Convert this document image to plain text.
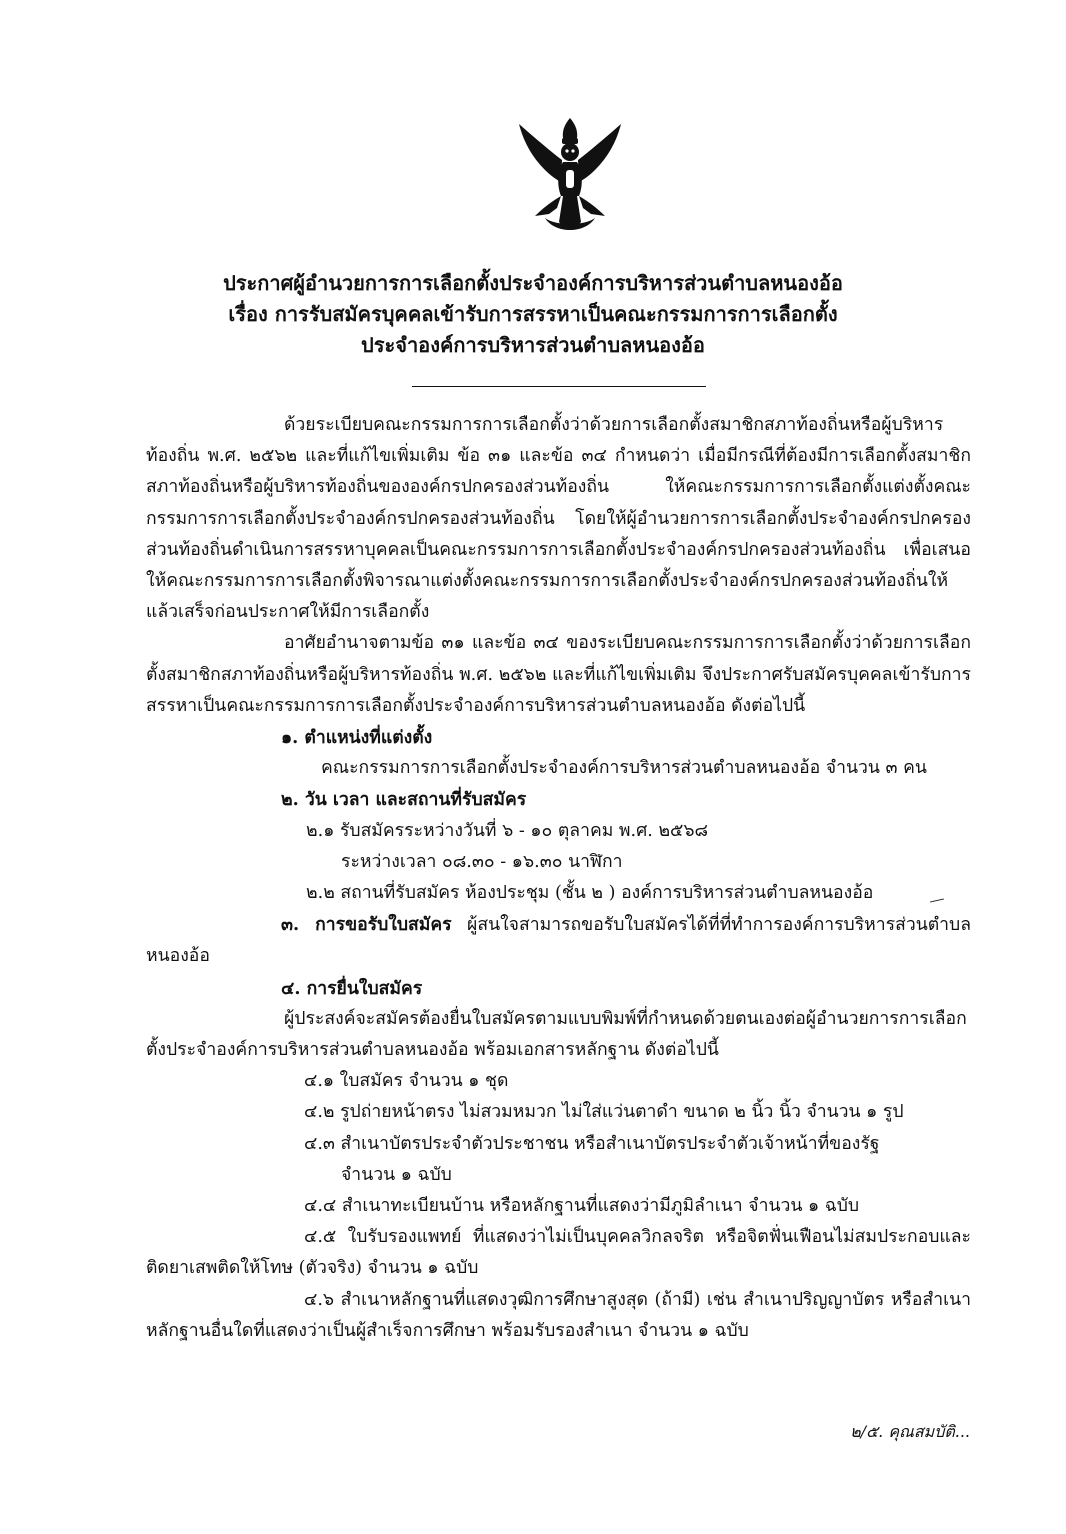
ประกาศผู้อำนวยการการเลือกตั้งประจำองค์การบริหารส่วนตำบลหนองอ้อ
เรื่อง การรับสมัครบุคคลเข้ารับการสรรหาเป็นคณะกรรมการการเลือกตั้ง
ประจำองค์การบริหารส่วนตำบลหนองอ้อ

ด้วยระเบียบคณะกรรมการการเลือกตั้งว่าด้วยการเลือกตั้งสมาชิกสภาท้องถิ่นหรือผู้บริหารท้องถิ่น พ.ศ. ๒๕๖๒ และที่แก้ไขเพิ่มเติม ข้อ ๓๑ และข้อ ๓๔ กำหนดว่า เมื่อมีกรณีที่ต้องมีการเลือกตั้งสมาชิกสภาท้องถิ่นหรือผู้บริหารท้องถิ่นขององค์กรปกครองส่วนท้องถิ่น ให้คณะกรรมการการเลือกตั้งแต่งตั้งคณะกรรมการการเลือกตั้งประจำองค์กรปกครองส่วนท้องถิ่น โดยให้ผู้อำนวยการการเลือกตั้งประจำองค์กรปกครองส่วนท้องถิ่นดำเนินการสรรหาบุคคลเป็นคณะกรรมการการเลือกตั้งประจำองค์กรปกครองส่วนท้องถิ่น เพื่อเสนอให้คณะกรรมการการเลือกตั้งพิจารณาแต่งตั้งคณะกรรมการการเลือกตั้งประจำองค์กรปกครองส่วนท้องถิ่นให้แล้วเสร็จก่อนประกาศให้มีการเลือกตั้ง

อาศัยอำนาจตามข้อ ๓๑ และข้อ ๓๔ ของระเบียบคณะกรรมการการเลือกตั้งว่าด้วยการเลือกตั้งสมาชิกสภาท้องถิ่นหรือผู้บริหารท้องถิ่น พ.ศ. ๒๕๖๒ และที่แก้ไขเพิ่มเติม จึงประกาศรับสมัครบุคคลเข้ารับการสรรหาเป็นคณะกรรมการการเลือกตั้งประจำองค์การบริหารส่วนตำบลหนองอ้อ ดังต่อไปนี้

๑. ตำแหน่งที่แต่งตั้ง

คณะกรรมการการเลือกตั้งประจำองค์การบริหารส่วนตำบลหนองอ้อ จำนวน ๓ คน

๒. วัน เวลา และสถานที่รับสมัคร

๒.๑ รับสมัครระหว่างวันที่ ๖ - ๑๐ ตุลาคม พ.ศ. ๒๕๖๘

ระหว่างเวลา ๐๘.๓๐ - ๑๖.๓๐ นาฬิกา

๒.๒ สถานที่รับสมัคร ห้องประชุม (ชั้น ๒ ) องค์การบริหารส่วนตำบลหนองอ้อ

๓. การขอรับใบสมัคร ผู้สนใจสามารถขอรับใบสมัครได้ที่ที่ทำการองค์การบริหารส่วนตำบลหนองอ้อ

๔. การยื่นใบสมัคร

ผู้ประสงค์จะสมัครต้องยื่นใบสมัครตามแบบพิมพ์ที่กำหนดด้วยตนเองต่อผู้อำนวยการการเลือกตั้งประจำองค์การบริหารส่วนตำบลหนองอ้อ พร้อมเอกสารหลักฐาน ดังต่อไปนี้

๔.๑ ใบสมัคร จำนวน ๑ ชุด

๔.๒ รูปถ่ายหน้าตรง ไม่สวมหมวก ไม่ใส่แว่นตาดำ ขนาด ๒ นิ้ว นิ้ว จำนวน ๑ รูป

๔.๓ สำเนาบัตรประจำตัวประชาชน หรือสำเนาบัตรประจำตัวเจ้าหน้าที่ของรัฐ

จำนวน ๑ ฉบับ

๔.๔ สำเนาทะเบียนบ้าน หรือหลักฐานที่แสดงว่ามีภูมิลำเนา จำนวน ๑ ฉบับ

๔.๕ ใบรับรองแพทย์ ที่แสดงว่าไม่เป็นบุคคลวิกลจริต หรือจิตฟั่นเฟือนไม่สมประกอบและติดยาเสพติดให้โทษ (ตัวจริง) จำนวน ๑ ฉบับ

๔.๖ สำเนาหลักฐานที่แสดงวุฒิการศึกษาสูงสุด (ถ้ามี) เช่น สำเนาปริญญาบัตร หรือสำเนาหลักฐานอื่นใดที่แสดงว่าเป็นผู้สำเร็จการศึกษา พร้อมรับรองสำเนา จำนวน ๑ ฉบับ

๒/๕. คุณสมบัติ...
